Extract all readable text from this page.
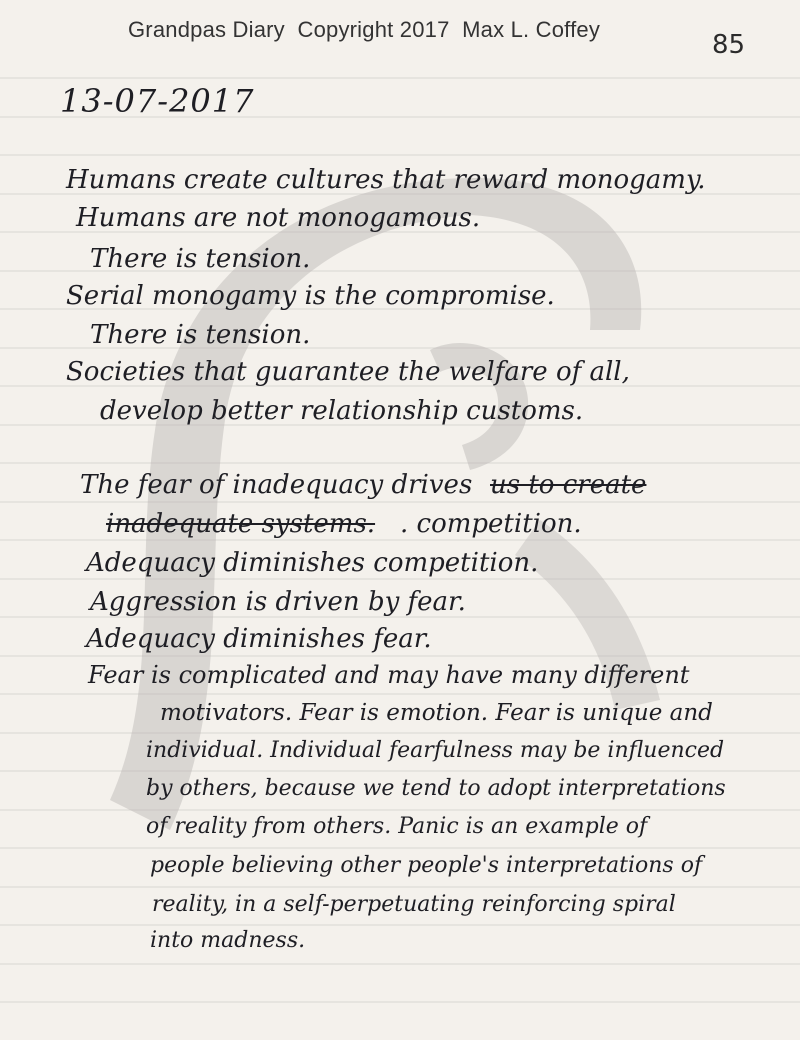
Grandpas Diary  Copyright 2017  Max L. Coffey
85
13-07-2017
Humans create cultures that reward monogamy.
Humans are not monogamous.
There is tension.
Serial monogamy is the compromise.
There is tension.
Societies that guarantee the welfare of all,
develop better relationship customs.
The fear of inadequacy drives us to create
inadequate systems. . competition.
Adequacy diminishes competition.
Aggression is driven by fear.
Adequacy diminishes fear.
Fear is complicated and may have many different
motivators. Fear is emotion. Fear is unique and
individual. Individual fearfulness may be influenced
by others, because we tend to adopt interpretations
of reality from others. Panic is an example of
people believing other people's interpretations of
reality, in a self-perpetuating reinforcing spiral
into madness.
